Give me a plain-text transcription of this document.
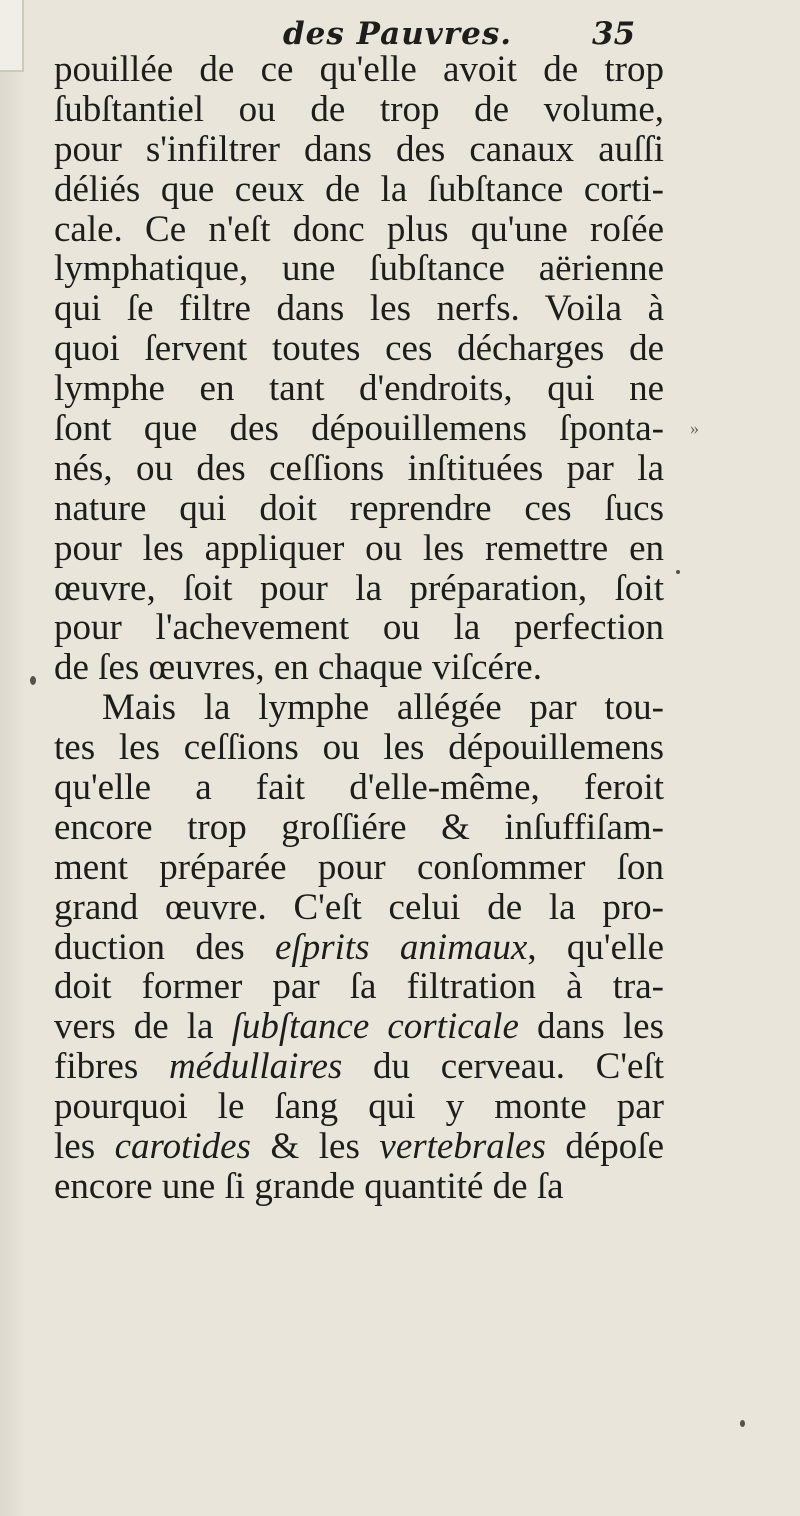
des Pauvres.	35
pouillée de ce qu'elle avoit de trop
ſubſtantiel ou de trop de volume,
pour s'infiltrer dans des canaux auſſi
déliés que ceux de la ſubſtance corti-
cale. Ce n'eſt donc plus qu'une roſée
lymphatique, une ſubſtance aërienne
qui ſe filtre dans les nerfs. Voila à
quoi ſervent toutes ces décharges de
lymphe en tant d'endroits, qui ne
ſont que des dépouillemens ſponta-
nés, ou des ceſſions inſtituées par la
nature qui doit reprendre ces ſucs
pour les appliquer ou les remettre en
œuvre, ſoit pour la préparation, ſoit
pour l'achevement ou la perfection
de ſes œuvres, en chaque viſcére.
Mais la lymphe allégée par tou-
tes les ceſſions ou les dépouillemens
qu'elle a fait d'elle-même, feroit
encore trop groſſiére & inſuffiſam-
ment préparée pour conſommer ſon
grand œuvre. C'eſt celui de la pro-
duction des eſprits animaux, qu'elle
doit former par ſa filtration à tra-
vers de la ſubſtance corticale dans les
fibres médullaires du cerveau. C'eſt
pourquoi le ſang qui y monte par
les carotides & les vertebrales dépoſe
encore une ſi grande quantité de ſa
»
